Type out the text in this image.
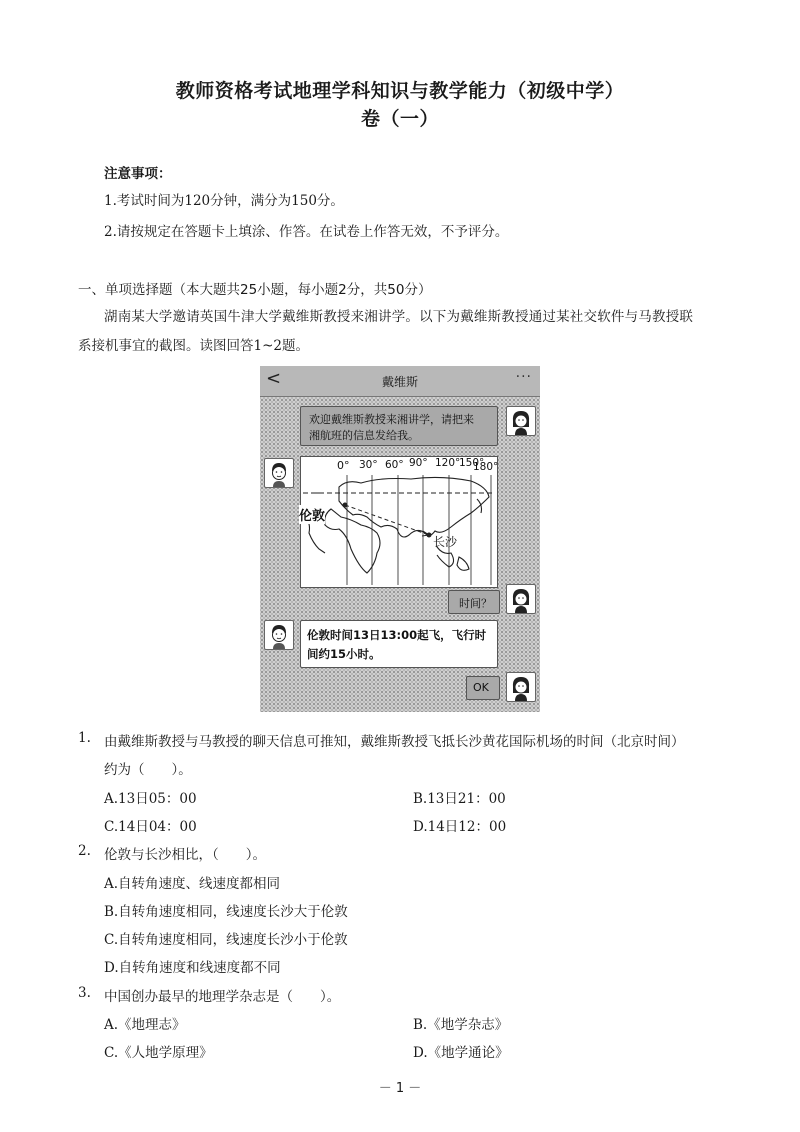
教师资格考试地理学科知识与教学能力（初级中学）
卷（一）
注意事项：
1.考试时间为120分钟，满分为150分。
2.请按规定在答题卡上填涂、作答。在试卷上作答无效，不予评分。
一、单项选择题（本大题共25小题，每小题2分，共50分）
湖南某大学邀请英国牛津大学戴维斯教授来湘讲学。以下为戴维斯教授通过某社交软件与马教授联
系接机事宜的截图。读图回答1~2题。
<	戴维斯	···
欢迎戴维斯教授来湘讲学，请把来
湘航班的信息发给我。
0° 30° 60° 90° 120°
150°
180°
伦敦
长沙
时间？
伦敦时间13日13:00起飞，飞行时
间约15小时。
OK
1. 由戴维斯教授与马教授的聊天信息可推知，戴维斯教授飞抵长沙黄花国际机场的时间（北京时间）
约为（　　）。
A.13日05：00	B.13日21：00
C.14日04：00	D.14日12：00
2. 伦敦与长沙相比，（　　）。
A.自转角速度、线速度都相同
B.自转角速度相同，线速度长沙大于伦敦
C.自转角速度相同，线速度长沙小于伦敦
D.自转角速度和线速度都不同
3. 中国创办最早的地理学杂志是（　　）。
A.《地理志》	B.《地学杂志》
C.《人地学原理》	D.《地学通论》
－ 1 －
